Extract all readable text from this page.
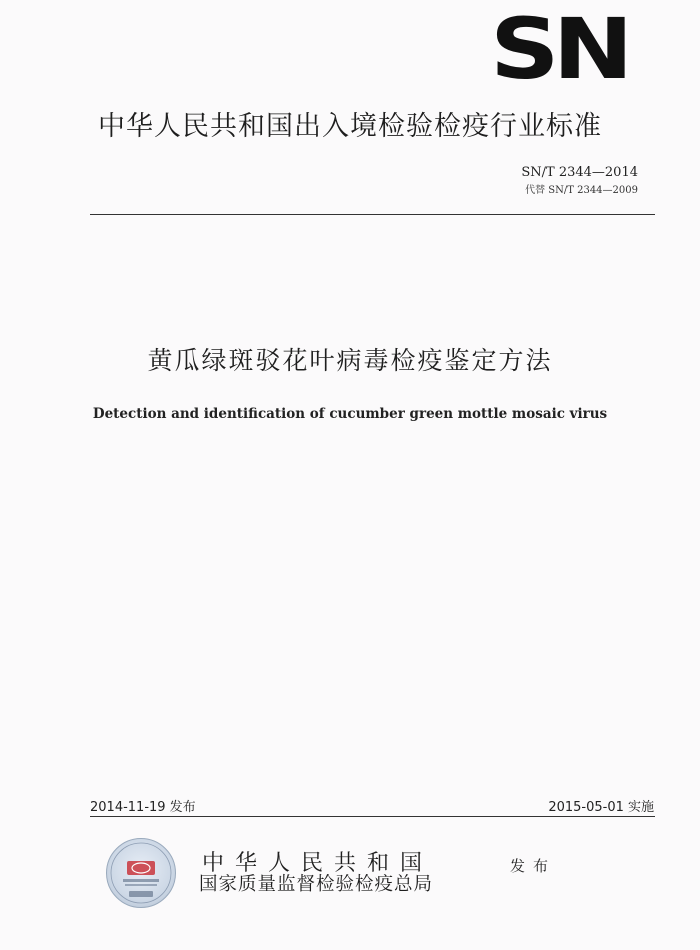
SN
中华人民共和国出入境检验检疫行业标准
SN/T 2344—2014
代替 SN/T 2344—2009
黄瓜绿斑驳花叶病毒检疫鉴定方法
Detection and identification of cucumber green mottle mosaic virus
2014-11-19 发布	2015-05-01 实施
中华人民共和国
国家质量监督检验检疫总局
发布
